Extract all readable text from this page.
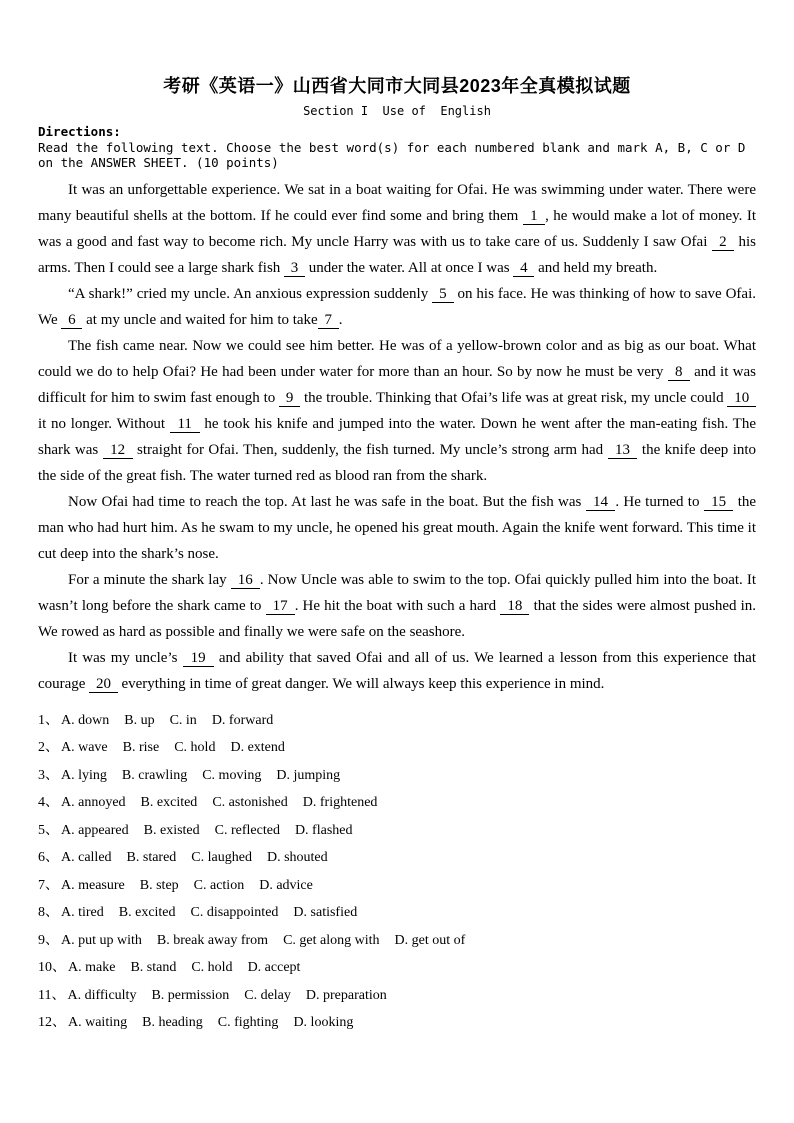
考研《英语一》山西省大同市大同县2023年全真模拟试题
Section I  Use of  English
Directions:
Read the following text. Choose the best word(s) for each numbered blank and mark A, B, C or D on the ANSWER SHEET. (10 points)

It was an unforgettable experience. We sat in a boat waiting for Ofai. He was swimming under water. There were many beautiful shells at the bottom. If he could ever find some and bring them  1 , he would make a lot of money. It was a good and fast way to become rich. My uncle Harry was with us to take care of us. Suddenly I saw Ofai  2  his arms. Then I could see a large shark fish  3  under the water. All at once I was  4  and held my breath.

“A shark!” cried my uncle. An anxious expression suddenly  5  on his face. He was thinking of how to save Ofai. We  6  at my uncle and waited for him to take 7 .

The fish came near. Now we could see him better. He was of a yellow-brown color and as big as our boat. What could we do to help Ofai? He had been under water for more than an hour. So by now he must be very  8  and it was difficult for him to swim fast enough to  9  the trouble. Thinking that Ofai’s life was at great risk, my uncle could  10  it no longer. Without  11  he took his knife and jumped into the water. Down he went after the man-eating fish. The shark was  12  straight for Ofai. Then, suddenly, the fish turned. My uncle’s strong arm had  13  the knife deep into the side of the great fish. The water turned red as blood ran from the shark.

Now Ofai had time to reach the top. At last he was safe in the boat. But the fish was  14 . He turned to  15  the man who had hurt him. As he swam to my uncle, he opened his great mouth. Again the knife went forward. This time it cut deep into the shark’s nose.

For a minute the shark lay  16 . Now Uncle was able to swim to the top. Ofai quickly pulled him into the boat. It wasn’t long before the shark came to  17 . He hit the boat with such a hard  18  that the sides were almost pushed in. We rowed as hard as possible and finally we were safe on the seashore.

It was my uncle’s  19  and ability that saved Ofai and all of us. We learned a lesson from this experience that courage  20  everything in time of great danger. We will always keep this experience in mind.

1、 A. down B. up C. in D. forward
2、 A. wave B. rise C. hold D. extend
3、 A. lying B. crawling C. moving D. jumping
4、 A. annoyed B. excited C. astonished D. frightened
5、 A. appeared B. existed C. reflected D. flashed
6、 A. called B. stared C. laughed D. shouted
7、 A. measure B. step C. action D. advice
8、 A. tired B. excited C. disappointed D. satisfied
9、 A. put up with B. break away from C. get along with D. get out of
10、 A. make B. stand C. hold D. accept
11、 A. difficulty B. permission C. delay D. preparation
12、 A. waiting B. heading C. fighting D. looking
